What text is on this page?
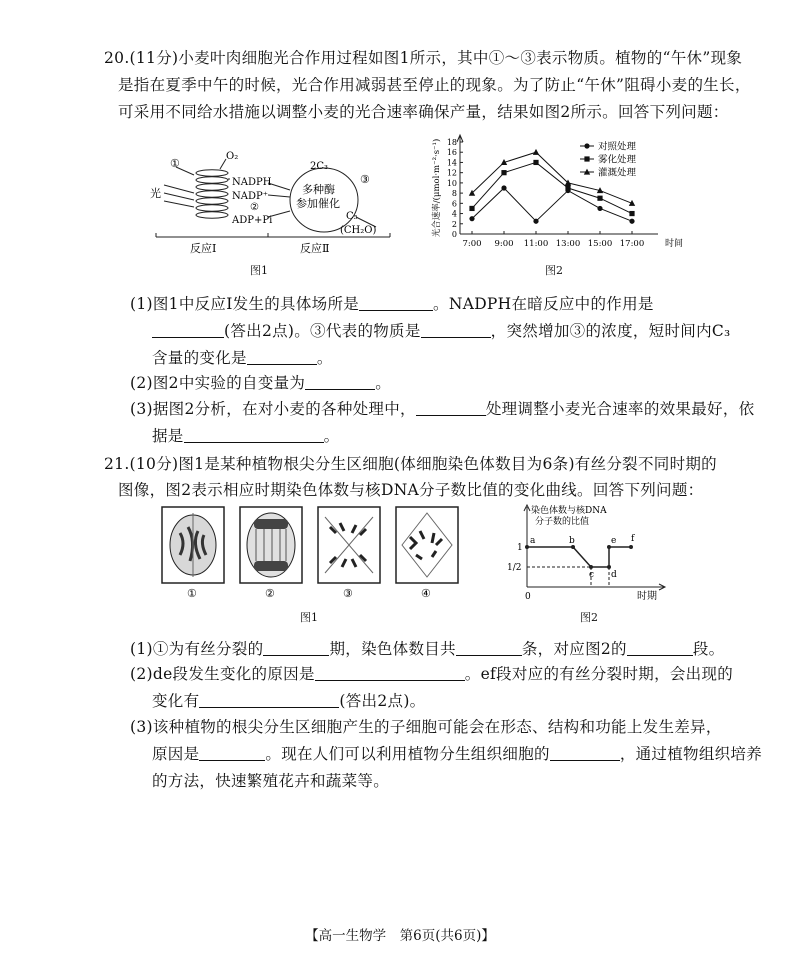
20.(11分)小麦叶肉细胞光合作用过程如图1所示，其中①～③表示物质。植物的“午休”现象
是指在夏季中午的时候，光合作用减弱甚至停止的现象。为了防止“午休”阻碍小麦的生长，
可采用不同给水措施以调整小麦的光合速率确保产量，结果如图2所示。回答下列问题：
①
O₂
NADPH
NADP⁺
②
ADP+Pi
光
2C₃
多种酶
参加催化
③
C₅
(CH₂O)
反应Ⅰ	反应Ⅱ
图1
0
2
4
6
8
10
12
14
16
18
7:00 9:00 11:00 13:00 15:00 17:00 时间
光合速率/(μmol·m⁻²·s⁻¹)	对照处理
雾化处理
灌溉处理
图2
(1)图1中反应Ⅰ发生的具体场所是	。NADPH在暗反应中的作用是
(答出2点)。③代表的物质是	，突然增加③的浓度，短时间内C₃
含量的变化是	。
(2)图2中实验的自变量为	。
(3)据图2分析，在对小麦的各种处理中，	处理调整小麦光合速率的效果最好，依
据是	。
21.(10分)图1是某种植物根尖分生区细胞(体细胞染色体数目为6条)有丝分裂不同时期的
图像，图2表示相应时期染色体数与核DNA分子数比值的变化曲线。回答下列问题：
①	②	③	④
图1
染色体数与核DNA
分子数的比值
1
1/2
0	时期
a	b
c d
e f
图2
(1)①为有丝分裂的	期，染色体数目共	条，对应图2的	段。
(2)de段发生变化的原因是	。ef段对应的有丝分裂时期，会出现的
变化有	(答出2点)。
(3)该种植物的根尖分生区细胞产生的子细胞可能会在形态、结构和功能上发生差异，
原因是	。现在人们可以利用植物分生组织细胞的	，通过植物组织培养
的方法，快速繁殖花卉和蔬菜等。
【高一生物学　第6页(共6页)】
